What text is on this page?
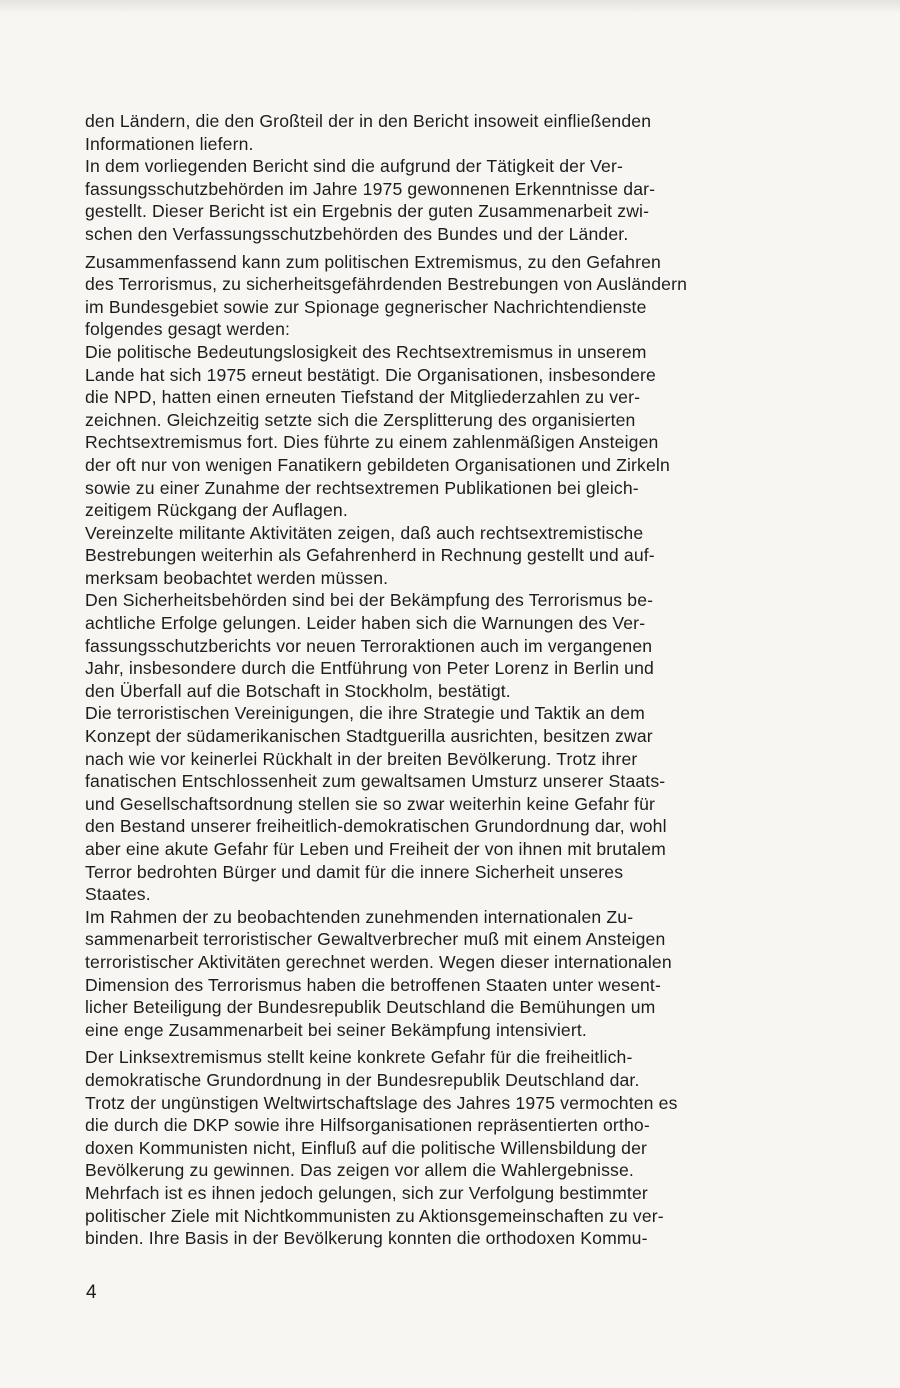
den Ländern, die den Großteil der in den Bericht insoweit einfließenden
Informationen liefern.
In dem vorliegenden Bericht sind die aufgrund der Tätigkeit der Ver-
fassungsschutzbehörden im Jahre 1975 gewonnenen Erkenntnisse dar-
gestellt. Dieser Bericht ist ein Ergebnis der guten Zusammenarbeit zwi-
schen den Verfassungsschutzbehörden des Bundes und der Länder.
Zusammenfassend kann zum politischen Extremismus, zu den Gefahren
des Terrorismus, zu sicherheitsgefährdenden Bestrebungen von Ausländern
im Bundesgebiet sowie zur Spionage gegnerischer Nachrichtendienste
folgendes gesagt werden:
Die politische Bedeutungslosigkeit des Rechtsextremismus in unserem
Lande hat sich 1975 erneut bestätigt. Die Organisationen, insbesondere
die NPD, hatten einen erneuten Tiefstand der Mitgliederzahlen zu ver-
zeichnen. Gleichzeitig setzte sich die Zersplitterung des organisierten
Rechtsextremismus fort. Dies führte zu einem zahlenmäßigen Ansteigen
der oft nur von wenigen Fanatikern gebildeten Organisationen und Zirkeln
sowie zu einer Zunahme der rechtsextremen Publikationen bei gleich-
zeitigem Rückgang der Auflagen.
Vereinzelte militante Aktivitäten zeigen, daß auch rechtsextremistische
Bestrebungen weiterhin als Gefahrenherd in Rechnung gestellt und auf-
merksam beobachtet werden müssen.
Den Sicherheitsbehörden sind bei der Bekämpfung des Terrorismus be-
achtliche Erfolge gelungen. Leider haben sich die Warnungen des Ver-
fassungsschutzberichts vor neuen Terroraktionen auch im vergangenen
Jahr, insbesondere durch die Entführung von Peter Lorenz in Berlin und
den Überfall auf die Botschaft in Stockholm, bestätigt.
Die terroristischen Vereinigungen, die ihre Strategie und Taktik an dem
Konzept der südamerikanischen Stadtguerilla ausrichten, besitzen zwar
nach wie vor keinerlei Rückhalt in der breiten Bevölkerung. Trotz ihrer
fanatischen Entschlossenheit zum gewaltsamen Umsturz unserer Staats-
und Gesellschaftsordnung stellen sie so zwar weiterhin keine Gefahr für
den Bestand unserer freiheitlich-demokratischen Grundordnung dar, wohl
aber eine akute Gefahr für Leben und Freiheit der von ihnen mit brutalem
Terror bedrohten Bürger und damit für die innere Sicherheit unseres
Staates.
Im Rahmen der zu beobachtenden zunehmenden internationalen Zu-
sammenarbeit terroristischer Gewaltverbrecher muß mit einem Ansteigen
terroristischer Aktivitäten gerechnet werden. Wegen dieser internationalen
Dimension des Terrorismus haben die betroffenen Staaten unter wesent-
licher Beteiligung der Bundesrepublik Deutschland die Bemühungen um
eine enge Zusammenarbeit bei seiner Bekämpfung intensiviert.
Der Linksextremismus stellt keine konkrete Gefahr für die freiheitlich-
demokratische Grundordnung in der Bundesrepublik Deutschland dar.
Trotz der ungünstigen Weltwirtschaftslage des Jahres 1975 vermochten es
die durch die DKP sowie ihre Hilfsorganisationen repräsentierten ortho-
doxen Kommunisten nicht, Einfluß auf die politische Willensbildung der
Bevölkerung zu gewinnen. Das zeigen vor allem die Wahlergebnisse.
Mehrfach ist es ihnen jedoch gelungen, sich zur Verfolgung bestimmter
politischer Ziele mit Nichtkommunisten zu Aktionsgemeinschaften zu ver-
binden. Ihre Basis in der Bevölkerung konnten die orthodoxen Kommu-
4
